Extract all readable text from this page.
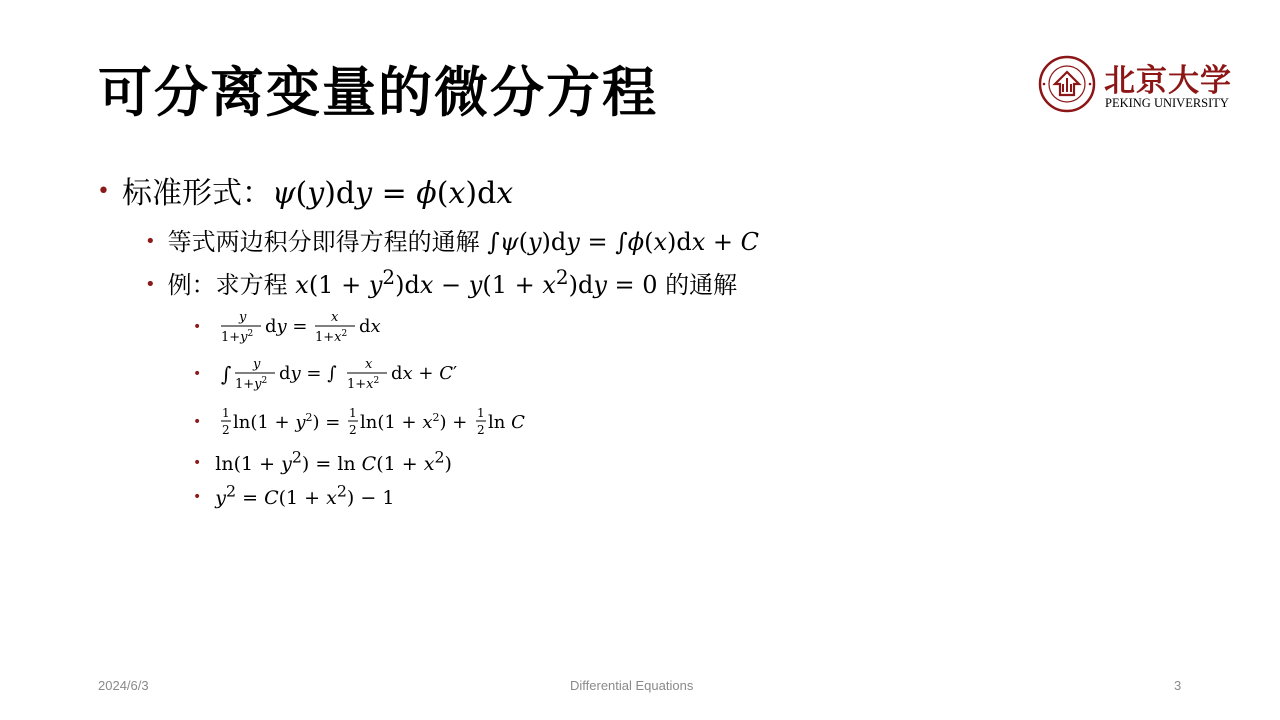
可分离变量的微分方程	北京大学
PEKING UNIVERSITY
• 标准形式：ψ(y)dy = ϕ(x)dx
• 等式两边积分即得方程的通解 ∫ψ(y)dy = ∫ϕ(x)dx + C
• 例：求方程 $x(1 + y^2)dx - y(1 + x^2)dy = 0$ 的通解
•
y
$1+y^2$ dy = x
$1+x^2$ dx
• ∫ y
$1+y^2$ dy = ∫ x
$1+x^2$ dx + C′
•
1
2 $\ln(1 + y^2) = 1$
2 $\ln(1 + x^2) + 1$
2 ln C
• $\ln(1 + y^2) = \ln C(1 + x^2)$
• $y^2 = C(1 + x^2) - 1$
2024/6/3	Differential Equations	3
